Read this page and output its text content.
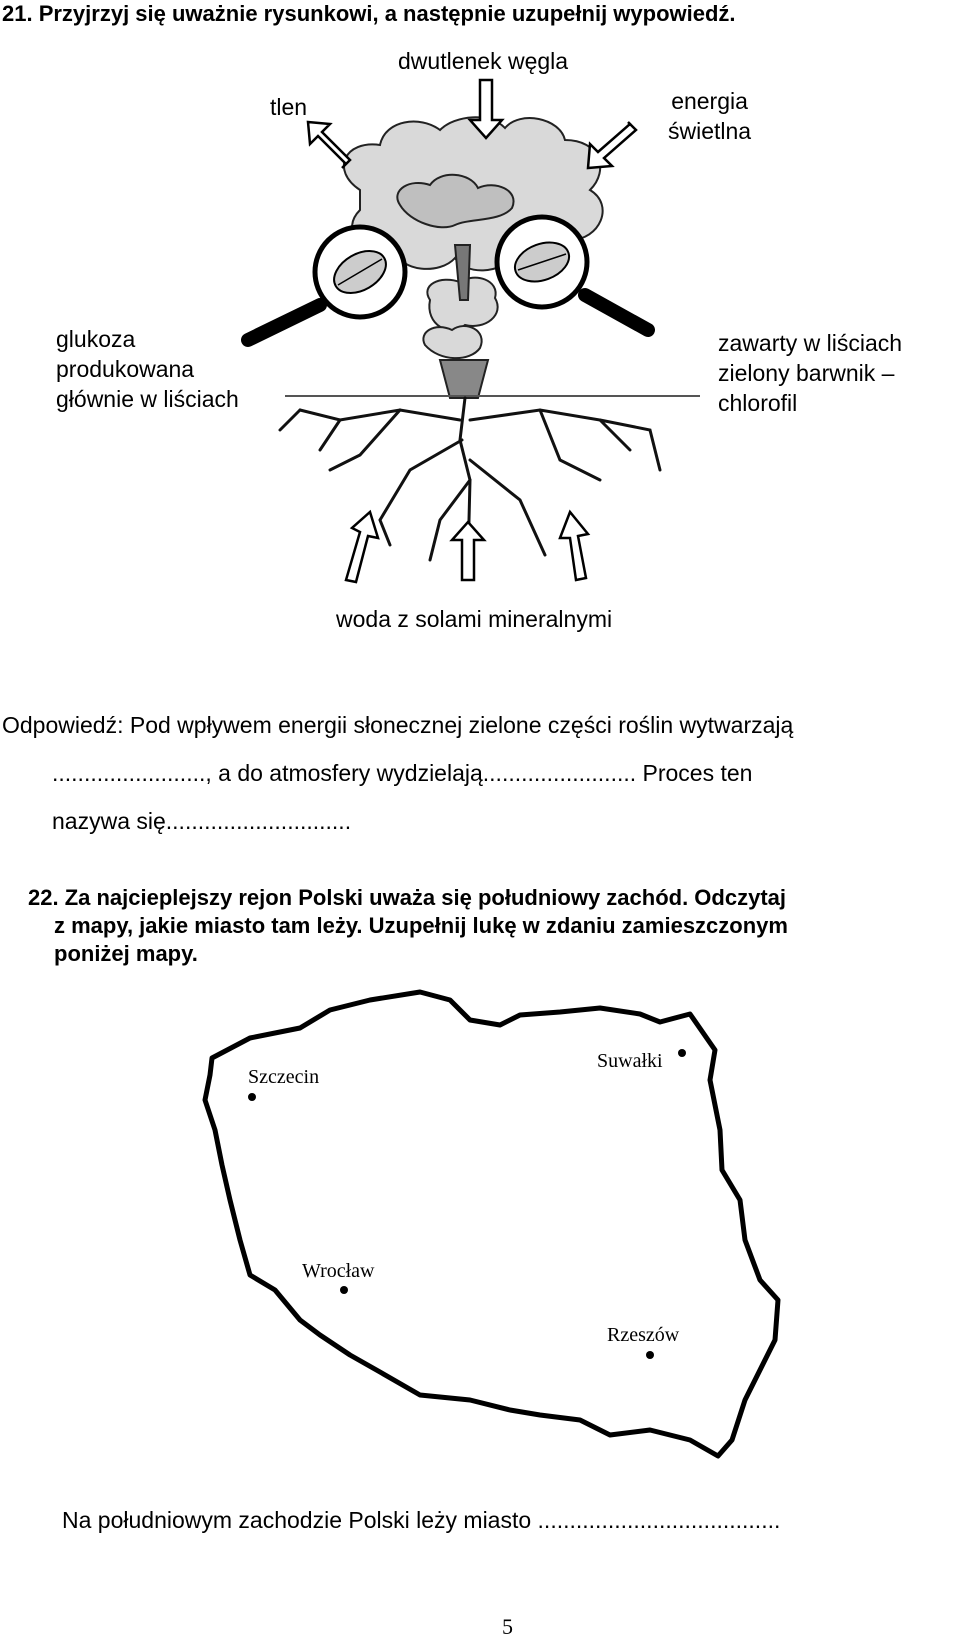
21. Przyjrzyj się uważnie rysunkowi, a następnie uzupełnij wypowiedź.
dwutlenek węgla
tlen	energia
świetlna
glukoza
produkowana
głównie w liściach
zawarty w liściach
zielony barwnik –
chlorofil
woda z solami mineralnymi
Odpowiedź: Pod wpływem energii słonecznej zielone części roślin wytwarzają
........................, a do atmosfery wydzielają........................ Proces ten
nazywa się.............................
22. Za najcieplejszy rejon Polski uważa się południowy zachód. Odczytaj
z mapy, jakie miasto tam leży. Uzupełnij lukę w zdaniu zamieszczonym
poniżej mapy.
Szczecin
Suwałki
Wrocław
Rzeszów
Na południowym zachodzie Polski leży miasto ......................................
5
